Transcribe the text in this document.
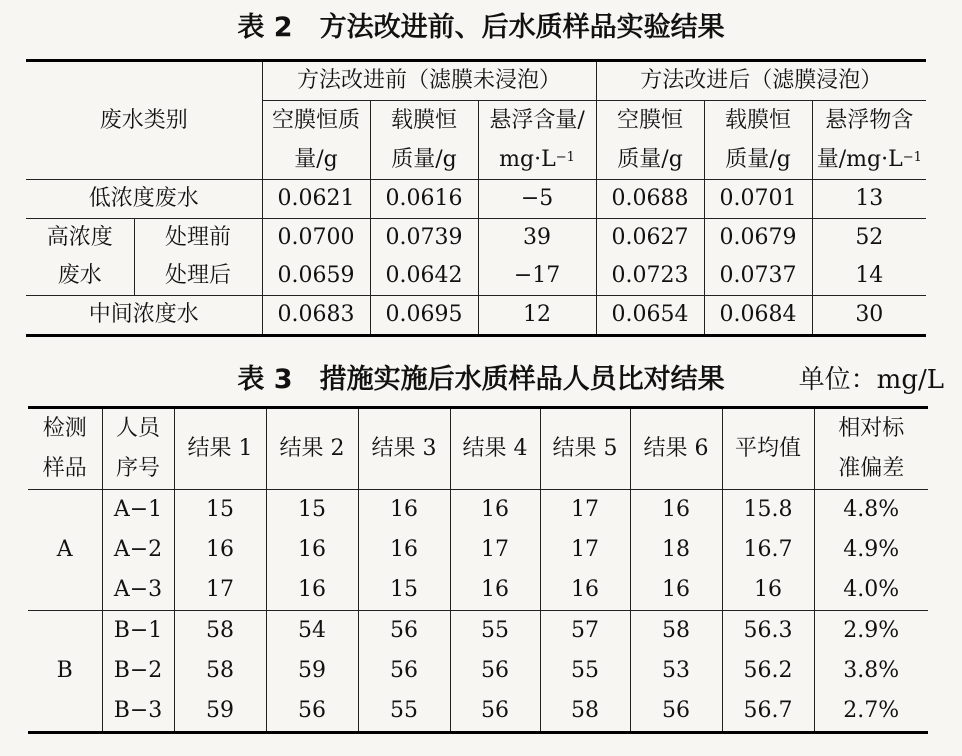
表 2　方法改进前、后水质样品实验结果
废水类别		方法改进前（滤膜未浸泡）			方法改进后（滤膜浸泡）		
		空膜恒质	载膜恒	悬浮含量/	空膜恒	载膜恒	悬浮物含
		量/g	质量/g	$mg\cdot L^{-1}$	质量/g	质量/g	量$/mg\cdot L^{-1}$
低浓度废水		0.0621	0.0616	−5	0.0688	0.0701	13
高浓度	处理前	0.0700	0.0739	39	0.0627	0.0679	52
废水	处理后	0.0659	0.0642	−17	0.0723	0.0737	14
中间浓度水		0.0683	0.0695	12	0.0654	0.0684	30
表 3　措施实施后水质样品人员比对结果	单位：mg/L
检测	人员	结果 1	结果 2	结果 3	结果 4	结果 5	结果 6	平均值	相对标
样品	序号								准偏差
A	A−1	15	15	16	16	17	16	15.8	4.8%
	A−2	16	16	16	17	17	18	16.7	4.9%
	A−3	17	16	15	16	16	16	16	4.0%
B	B−1	58	54	56	55	57	58	56.3	2.9%
	B−2	58	59	56	56	55	53	56.2	3.8%
	B−3	59	56	55	56	58	56	56.7	2.7%
